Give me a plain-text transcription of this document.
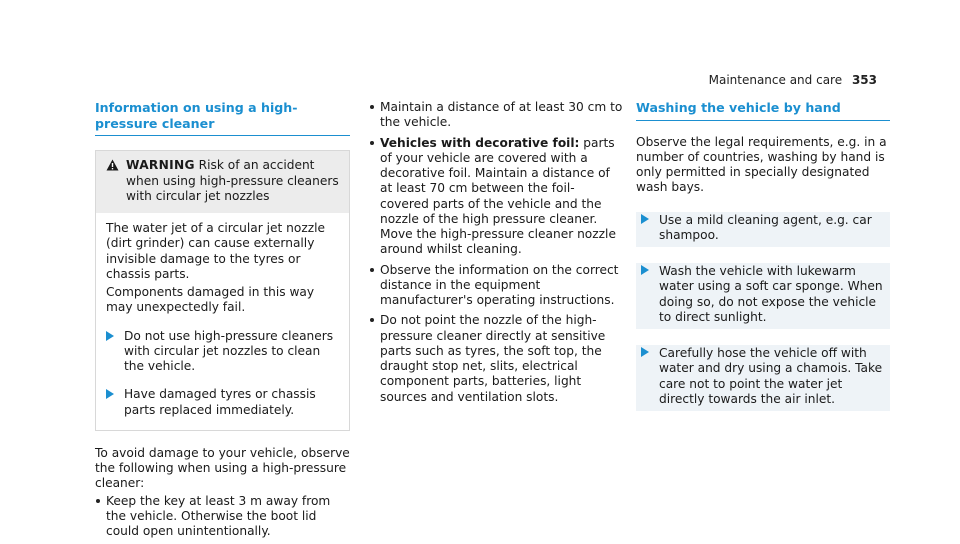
Maintenance and care 353
Information on using a high-pressure cleaner
WARNING Risk of an accident when using high-pressure cleaners with circular jet nozzles

The water jet of a circular jet nozzle (dirt grinder) can cause externally invisible damage to the tyres or chassis parts.

Components damaged in this way may unexpectedly fail.

Do not use high-pressure cleaners with circular jet nozzles to clean the vehicle.
Have damaged tyres or chassis parts replaced immediately.

To avoid damage to your vehicle, observe the following when using a high-pressure cleaner:

Keep the key at least 3 m away from the vehicle. Otherwise the boot lid could open unintentionally.
Maintain a distance of at least 30 cm to the vehicle.
Vehicles with decorative foil: parts of your vehicle are covered with a decorative foil. Maintain a distance of at least 70 cm between the foil-covered parts of the vehicle and the nozzle of the high pressure cleaner. Move the high-pressure cleaner nozzle around whilst cleaning.
Observe the information on the correct distance in the equipment manufacturer's operating instructions.
Do not point the nozzle of the high-pressure cleaner directly at sensitive parts such as tyres, the soft top, the draught stop net, slits, electrical component parts, batteries, light sources and ventilation slots.
Washing the vehicle by hand

Observe the legal requirements, e.g. in a number of countries, washing by hand is only permitted in specially designated wash bays.

Use a mild cleaning agent, e.g. car shampoo.
Wash the vehicle with lukewarm water using a soft car sponge. When doing so, do not expose the vehicle to direct sunlight.
Carefully hose the vehicle off with water and dry using a chamois. Take care not to point the water jet directly towards the air inlet.
